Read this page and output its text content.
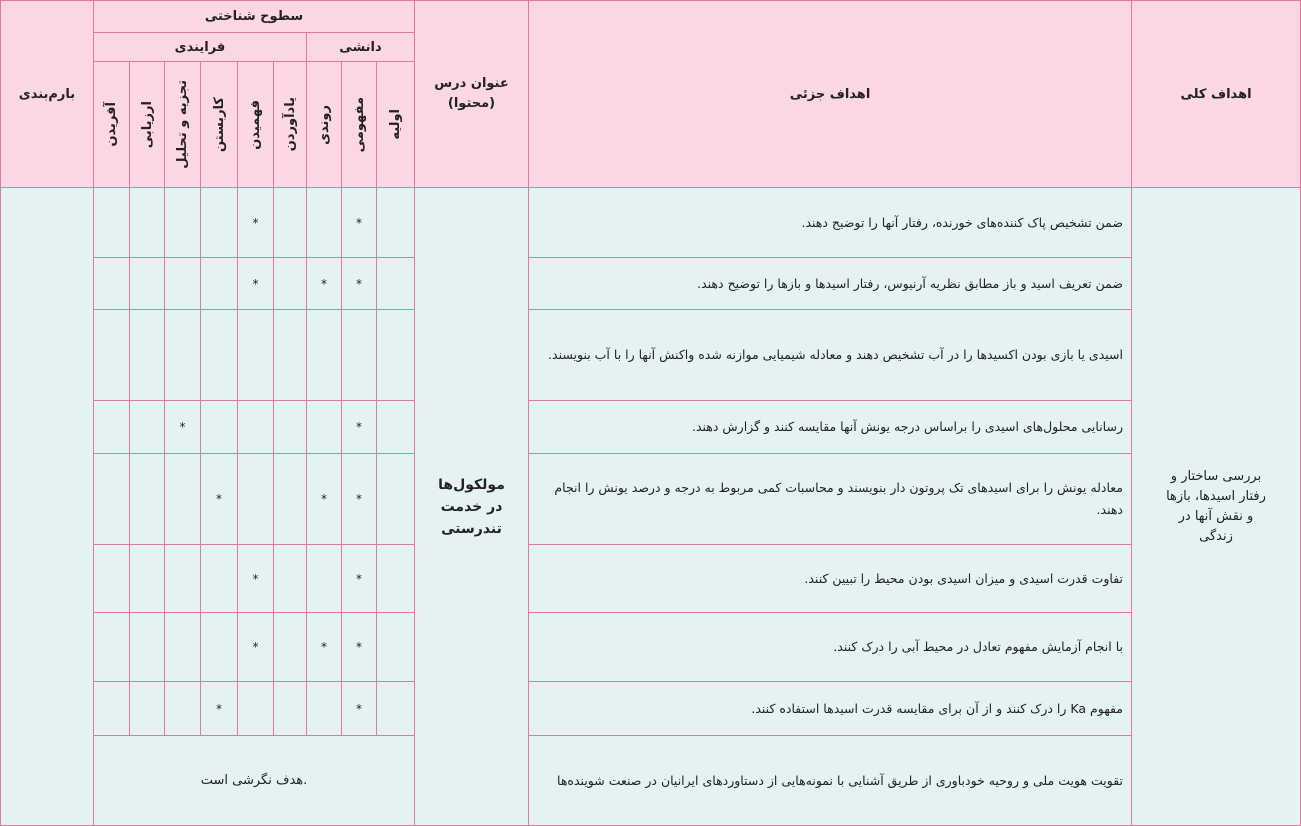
اهداف کلی
اهداف جزئی
عنوان درس (محتوا)
سطوح شناختی
دانشی
فرایندی
بارم‌بندی
بررسی ساختار و رفتار اسیدها، بازها و نقش آنها در زندگی
مولکول‌ها در خدمت تندرستی
اولیه
مفهومی
روندی
یادآوردن
فهمیدن
کاربستن
تجزیه و تحلیل
ارزیابی
آفریدن
ضمن تشخیص پاک کننده‌های خورنده، رفتار آنها را توضیح دهند.
*
*
ضمن تعریف اسید و باز مطابق نظریه آرنیوس، رفتار اسیدها و بازها را توضیح دهند.
*
*
*
اسیدی یا بازی بودن اکسیدها را در آب تشخیص دهند و معادله شیمیایی موازنه شده واکنش آنها را با آب بنویسند.
رسانایی محلول‌های اسیدی را براساس درجه یونش آنها مقایسه کنند و گزارش دهند.
*
*
معادله یونش را برای اسیدهای تک پروتون دار بنویسند و محاسبات کمی مربوط به درجه و درصد یونش را انجام دهند.
*
*
*
تفاوت قدرت اسیدی و میزان اسیدی بودن محیط را تبیین کنند.
*
*
با انجام آزمایش مفهوم تعادل در محیط آبی را درک کنند.
*
*
*
مفهوم Ka را درک کنند و از آن برای مقایسه قدرت اسیدها استفاده کنند.
*
*
تقویت هویت ملی و روحیه خودباوری از طریق آشنایی با نمونه‌هایی از دستاوردهای ایرانیان در صنعت شوینده‌ها
هدف نگرشی است.
